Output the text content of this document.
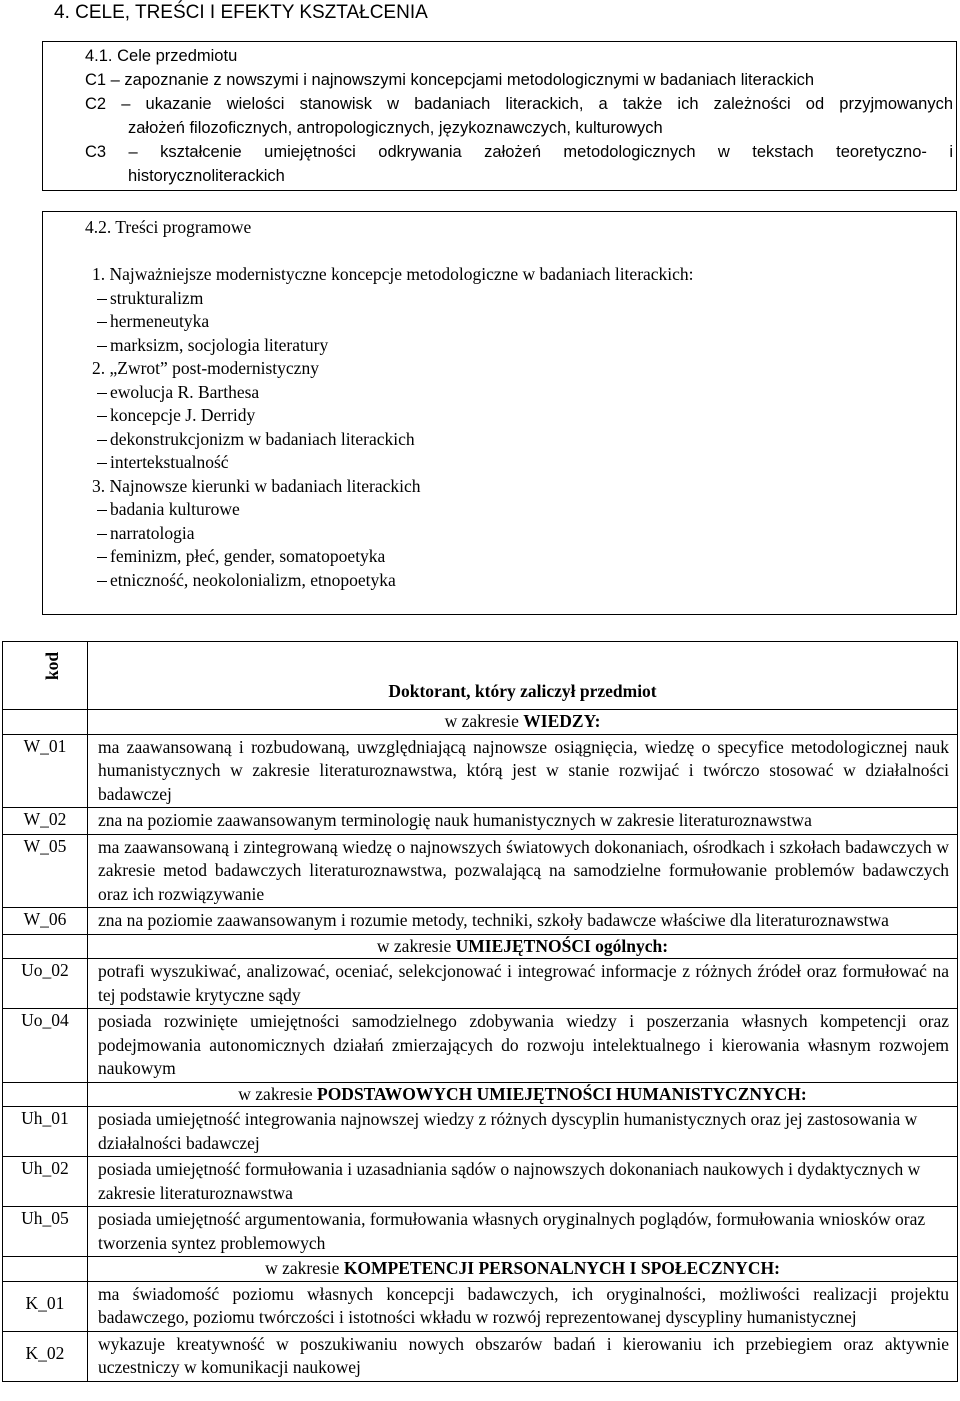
4. CELE, TREŚCI I EFEKTY KSZTAŁCENIA
4.1. Cele przedmiotu
C1 – zapoznanie z nowszymi i najnowszymi koncepcjami metodologicznymi w badaniach literackich
C2 – ukazanie wielości stanowisk w badaniach literackich, a także ich zależności od przyjmowanych
założeń filozoficznych, antropologicznych, językoznawczych, kulturowych
C3 – kształcenie umiejętności odkrywania założeń metodologicznych w tekstach teoretyczno- i
historycznoliterackich
4.2. Treści programowe
1. Najważniejsze modernistyczne koncepcje metodologiczne w badaniach literackich:
strukturalizm
hermeneutyka
marksizm, socjologia literatury
2. „Zwrot” post-modernistyczny
ewolucja R. Barthesa
koncepcje J. Derridy
dekonstrukcjonizm w badaniach literackich
intertekstualność
3. Najnowsze kierunki w badaniach literackich
badania kulturowe
narratologia
feminizm, płeć, gender, somatopoetyka
etniczność, neokolonializm, etnopoetyka
kod	Doktorant, który zaliczył przedmiot
	w zakresie WIEDZY:
W_01	ma zaawansowaną i rozbudowaną, uwzględniającą najnowsze osiągnięcia, wiedzę o specyfice metodologicznej nauk humanistycznych w zakresie literaturoznawstwa, którą jest w stanie rozwijać i twórczo stosować w działalności badawczej
W_02	zna na poziomie zaawansowanym terminologię nauk humanistycznych w zakresie literaturoznawstwa
W_05	ma zaawansowaną i zintegrowaną wiedzę o najnowszych światowych dokonaniach, ośrodkach i szkołach badawczych w zakresie metod badawczych literaturoznawstwa, pozwalającą na samodzielne formułowanie problemów badawczych oraz ich rozwiązywanie
W_06	zna na poziomie zaawansowanym i rozumie metody, techniki, szkoły badawcze właściwe dla literaturoznawstwa
	w zakresie UMIEJĘTNOŚCI ogólnych:
Uo_02	potrafi wyszukiwać, analizować, oceniać, selekcjonować i integrować informacje z różnych źródeł oraz formułować na tej podstawie krytyczne sądy
Uo_04	posiada rozwinięte umiejętności samodzielnego zdobywania wiedzy i poszerzania własnych kompetencji oraz podejmowania autonomicznych działań zmierzających do rozwoju intelektualnego i kierowania własnym rozwojem naukowym
	w zakresie PODSTAWOWYCH UMIEJĘTNOŚCI HUMANISTYCZNYCH:
Uh_01	posiada umiejętność integrowania najnowszej wiedzy z różnych dyscyplin humanistycznych oraz jej zastosowania w działalności badawczej
Uh_02	posiada umiejętność formułowania i uzasadniania sądów o najnowszych dokonaniach naukowych i dydaktycznych w zakresie literaturoznawstwa
Uh_05	posiada umiejętność argumentowania, formułowania własnych oryginalnych poglądów, formułowania wniosków oraz tworzenia syntez problemowych
	w zakresie KOMPETENCJI PERSONALNYCH I SPOŁECZNYCH:
K_01	ma świadomość poziomu własnych koncepcji badawczych, ich oryginalności, możliwości realizacji projektu badawczego, poziomu twórczości i istotności wkładu w rozwój reprezentowanej dyscypliny humanistycznej
K_02	wykazuje kreatywność w poszukiwaniu nowych obszarów badań i kierowaniu ich przebiegiem oraz aktywnie uczestniczy w komunikacji naukowej
